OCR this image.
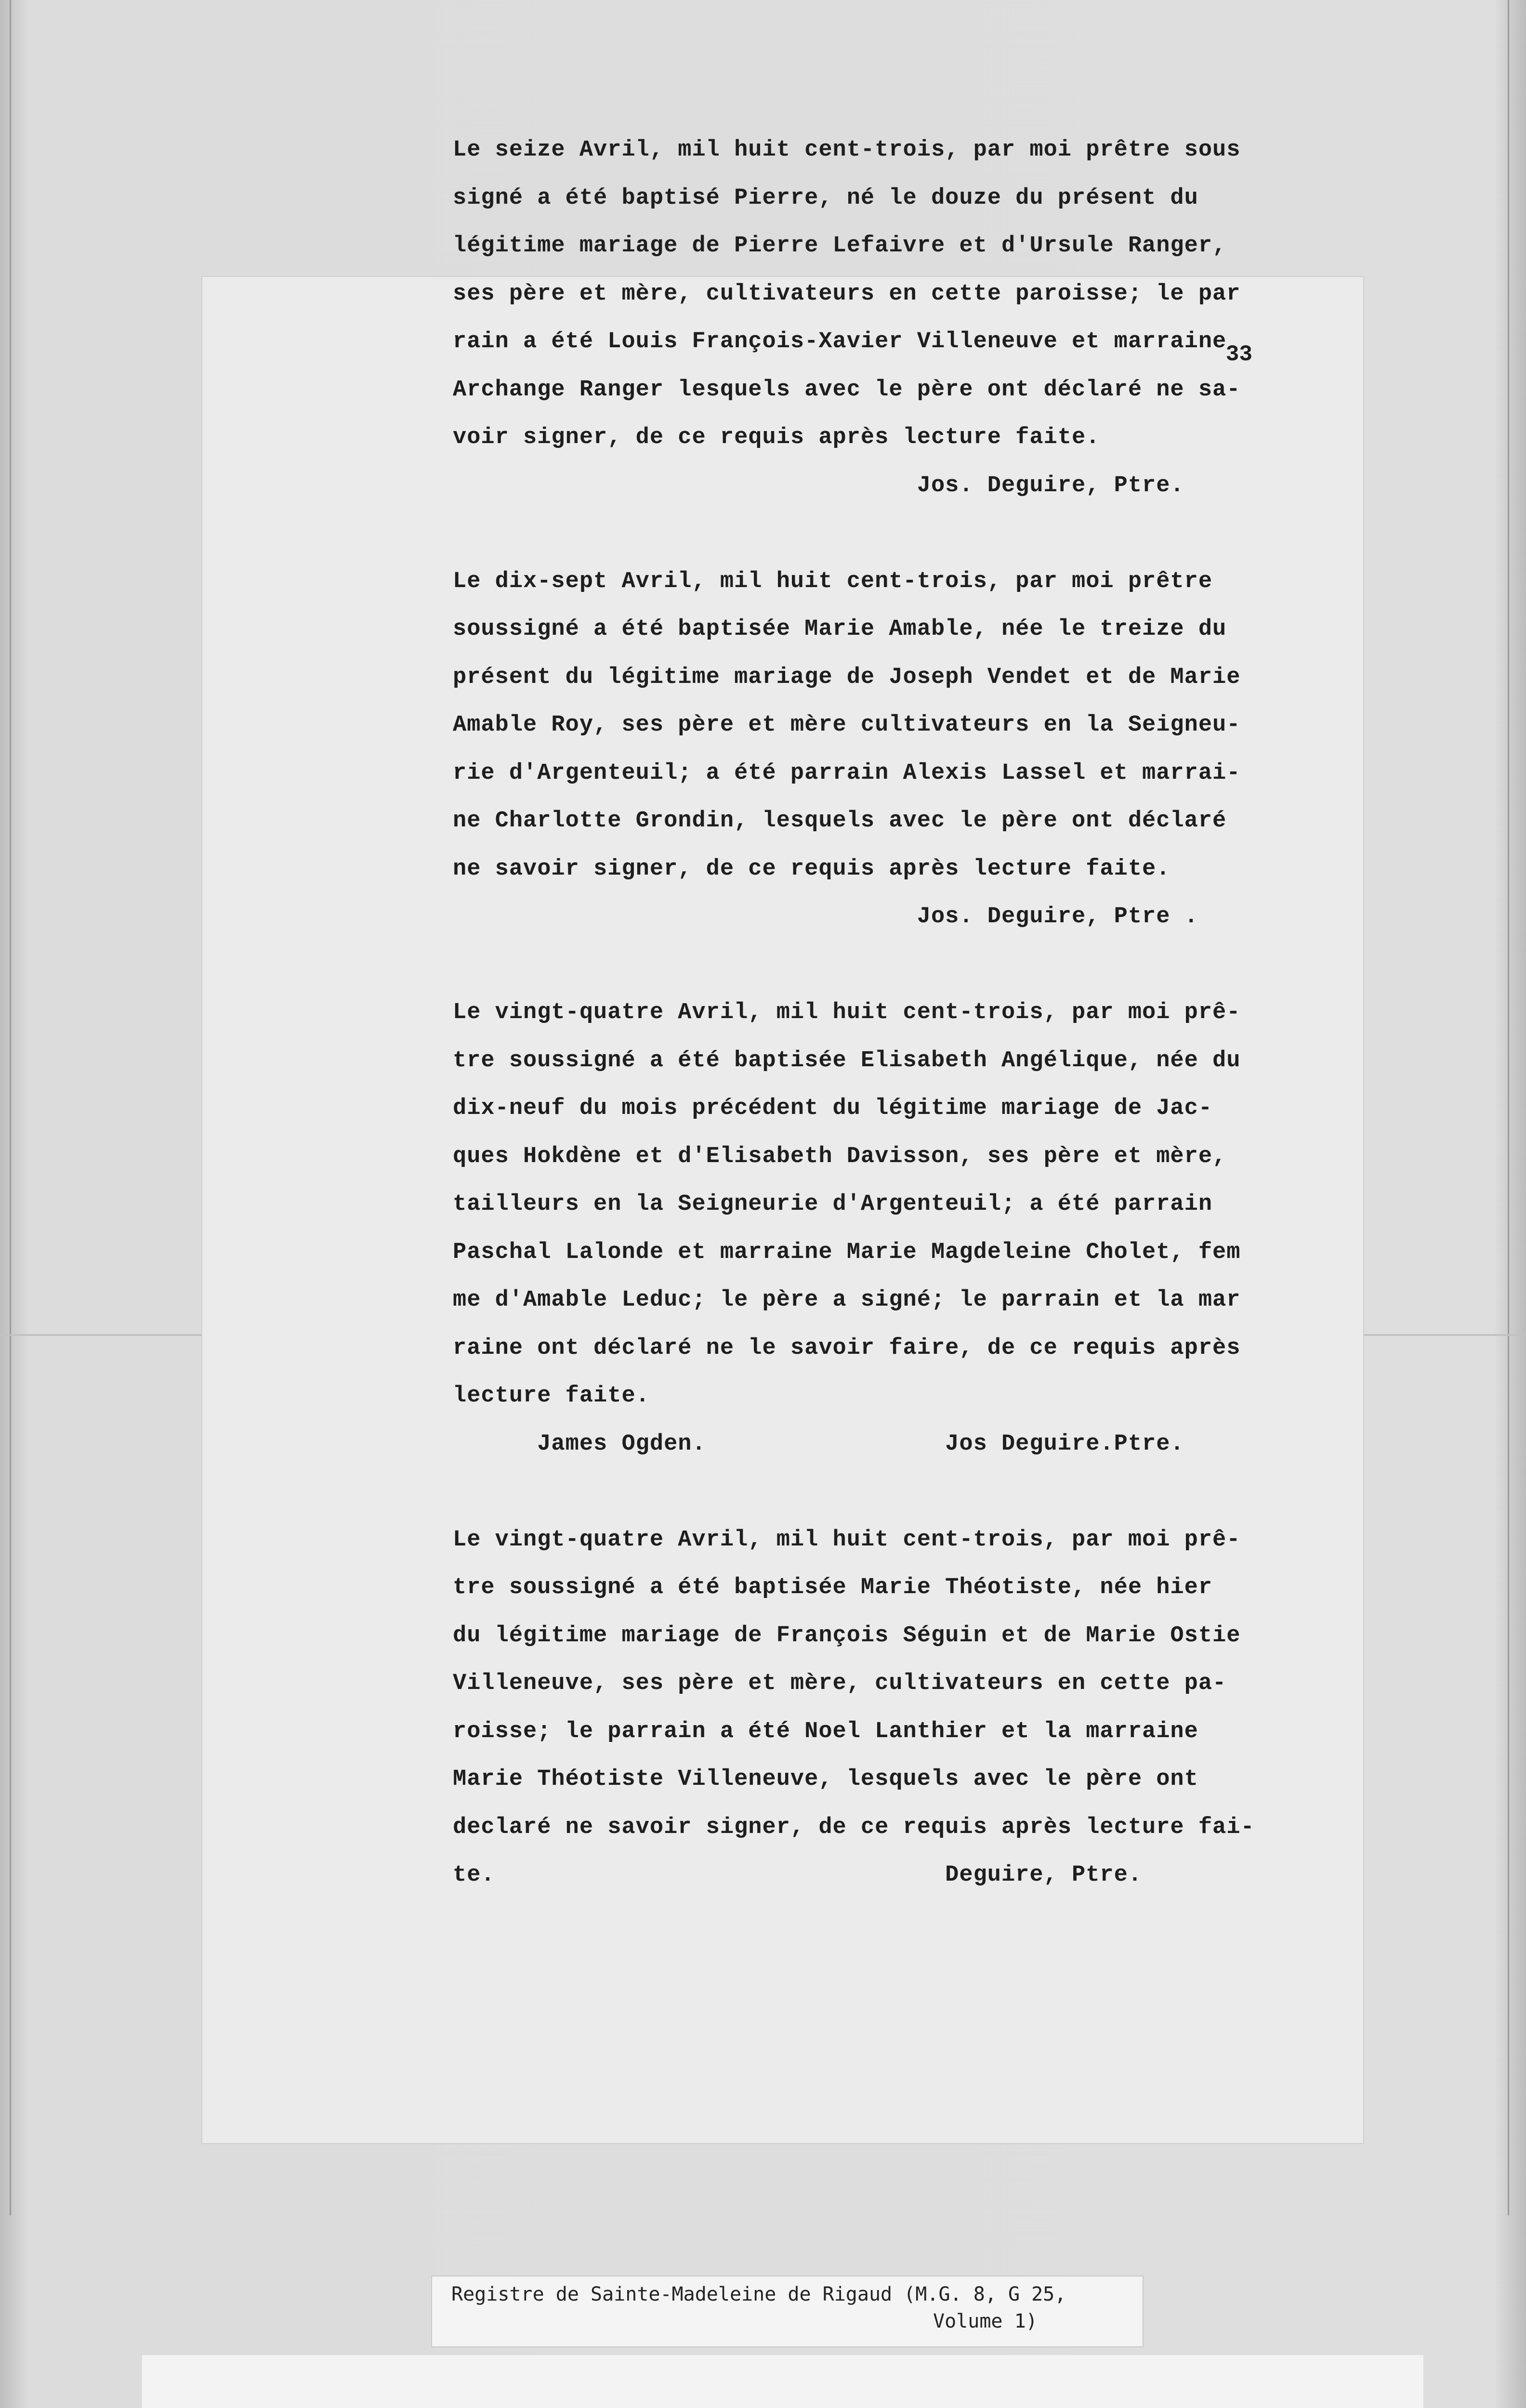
33
Le seize Avril, mil huit cent-trois, par moi prêtre sous
signé a été baptisé Pierre, né le douze du présent du
légitime mariage de Pierre Lefaivre et d'Ursule Ranger,
ses père et mère, cultivateurs en cette paroisse; le par
rain a été Louis François-Xavier Villeneuve et marraine
Archange Ranger lesquels avec le père ont déclaré ne sa-
voir signer, de ce requis après lecture faite.
Jos. Deguire, Ptre.
Le dix-sept Avril, mil huit cent-trois, par moi prêtre
soussigné a été baptisée Marie Amable, née le treize du
présent du légitime mariage de Joseph Vendet et de Marie
Amable Roy, ses père et mère cultivateurs en la Seigneu-
rie d'Argenteuil; a été parrain Alexis Lassel et marrai-
ne Charlotte Grondin, lesquels avec le père ont déclaré
ne savoir signer, de ce requis après lecture faite.
Jos. Deguire, Ptre .
Le vingt-quatre Avril, mil huit cent-trois, par moi prê-
tre soussigné a été baptisée Elisabeth Angélique, née du
dix-neuf du mois précédent du légitime mariage de Jac-
ques Hokdène et d'Elisabeth Davisson, ses père et mère,
tailleurs en la Seigneurie d'Argenteuil; a été parrain
Paschal Lalonde et marraine Marie Magdeleine Cholet, fem
me d'Amable Leduc; le père a signé; le parrain et la mar
raine ont déclaré ne le savoir faire, de ce requis après
lecture faite.
James Ogden.                 Jos Deguire.Ptre.
Le vingt-quatre Avril, mil huit cent-trois, par moi prê-
tre soussigné a été baptisée Marie Théotiste, née hier
du légitime mariage de François Séguin et de Marie Ostie
Villeneuve, ses père et mère, cultivateurs en cette pa-
roisse; le parrain a été Noel Lanthier et la marraine
Marie Théotiste Villeneuve, lesquels avec le père ont
declaré ne savoir signer, de ce requis après lecture fai-
te.                                Deguire, Ptre.
Registre de Sainte-Madeleine de Rigaud (M.G. 8, G 25,
Volume 1)
